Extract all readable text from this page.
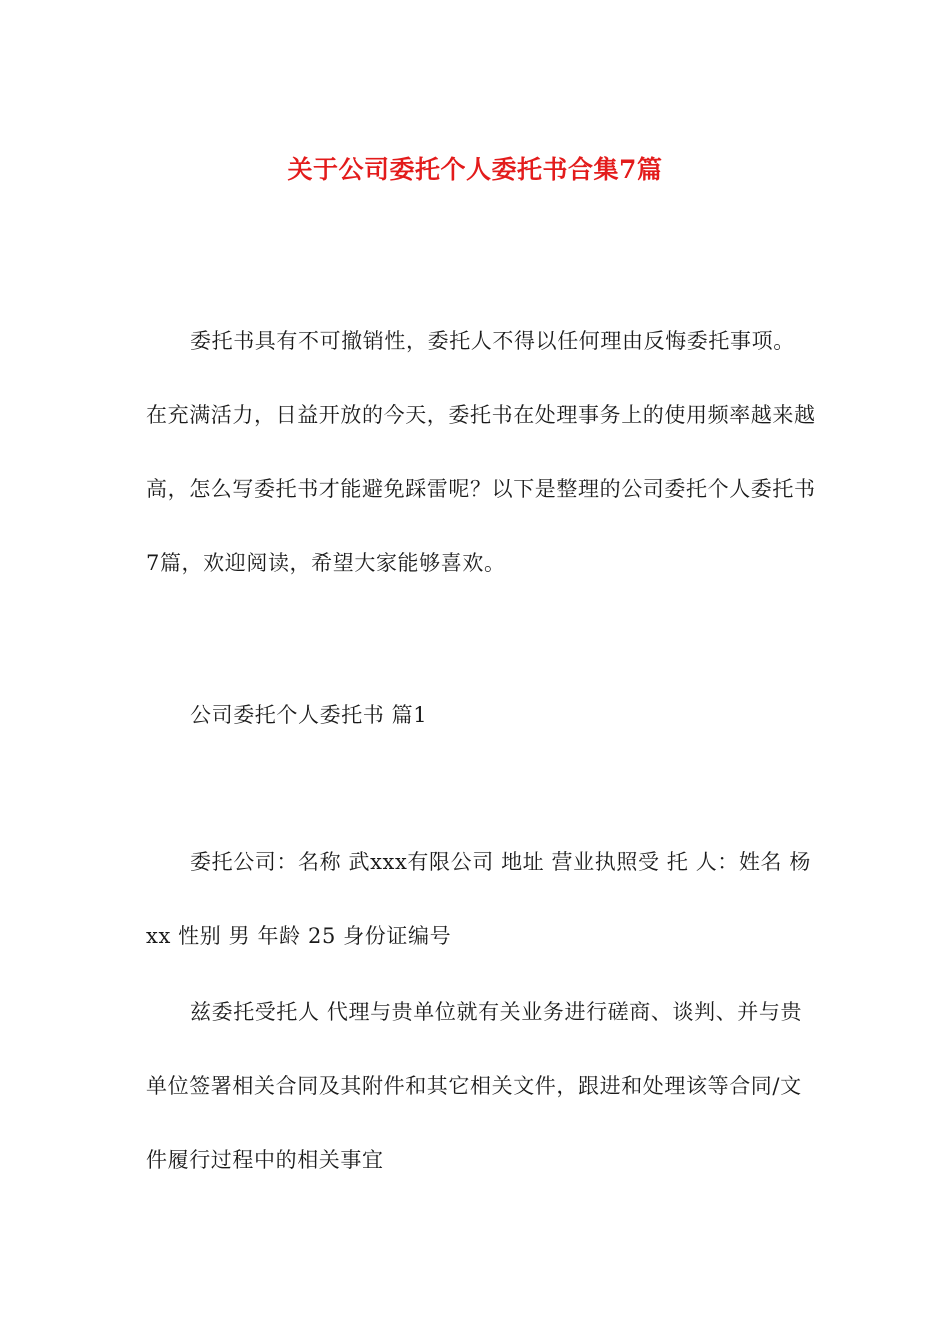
关于公司委托个人委托书合集7篇

委托书具有不可撤销性，委托人不得以任何理由反悔委托事项。在充满活力，日益开放的今天，委托书在处理事务上的使用频率越来越高，怎么写委托书才能避免踩雷呢？以下是整理的公司委托个人委托书7篇，欢迎阅读，希望大家能够喜欢。

公司委托个人委托书 篇1

委托公司：名称 武xxx有限公司 地址 营业执照受 托 人：姓名 杨xx 性别 男 年龄 25 身份证编号

兹委托受托人 代理与贵单位就有关业务进行磋商、谈判、并与贵单位签署相关合同及其附件和其它相关文件，跟进和处理该等合同/文件履行过程中的相关事宜
